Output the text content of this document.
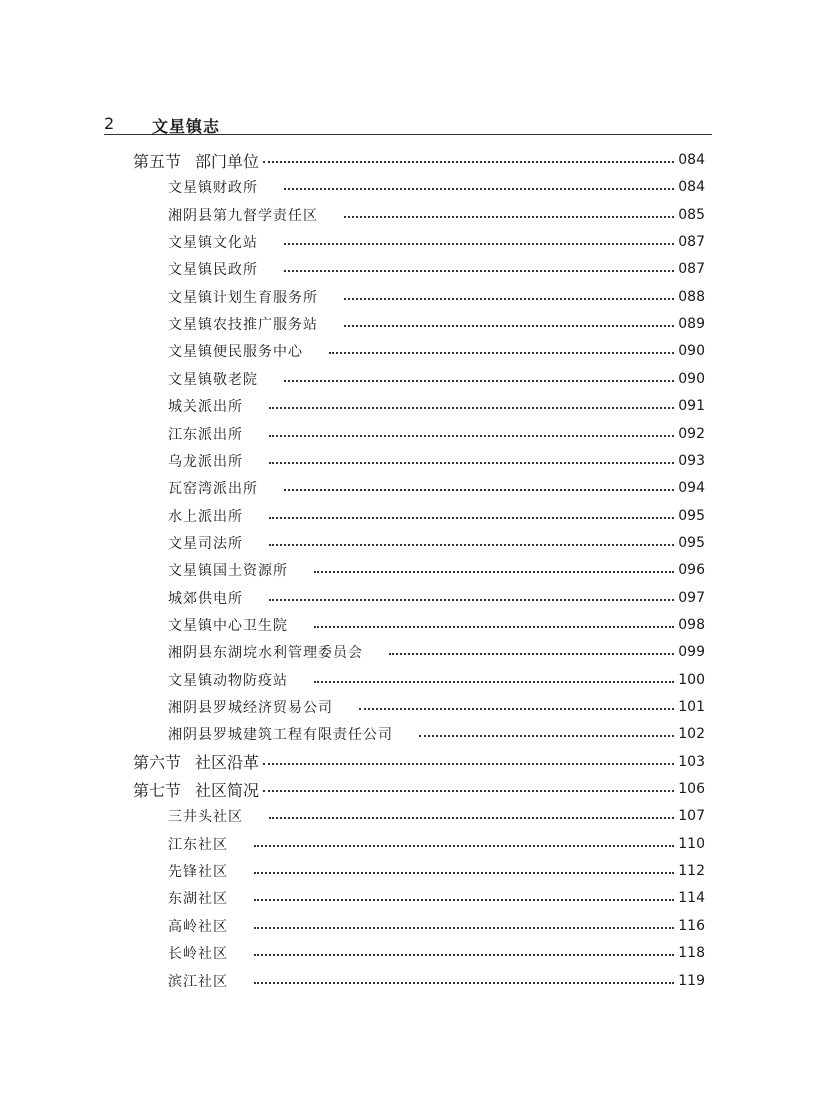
2 文星镇志
第五节 部门单位	084
文星镇财政所	084
湘阴县第九督学责任区	085
文星镇文化站	087
文星镇民政所	087
文星镇计划生育服务所	088
文星镇农技推广服务站	089
文星镇便民服务中心	090
文星镇敬老院	090
城关派出所	091
江东派出所	092
乌龙派出所	093
瓦窑湾派出所	094
水上派出所	095
文星司法所	095
文星镇国土资源所	096
城郊供电所	097
文星镇中心卫生院	098
湘阴县东湖垸水利管理委员会	099
文星镇动物防疫站	100
湘阴县罗城经济贸易公司	101
湘阴县罗城建筑工程有限责任公司	102
第六节 社区沿革	103
第七节 社区简况	106
三井头社区	107
江东社区	110
先锋社区	112
东湖社区	114
高岭社区	116
长岭社区	118
滨江社区	119
